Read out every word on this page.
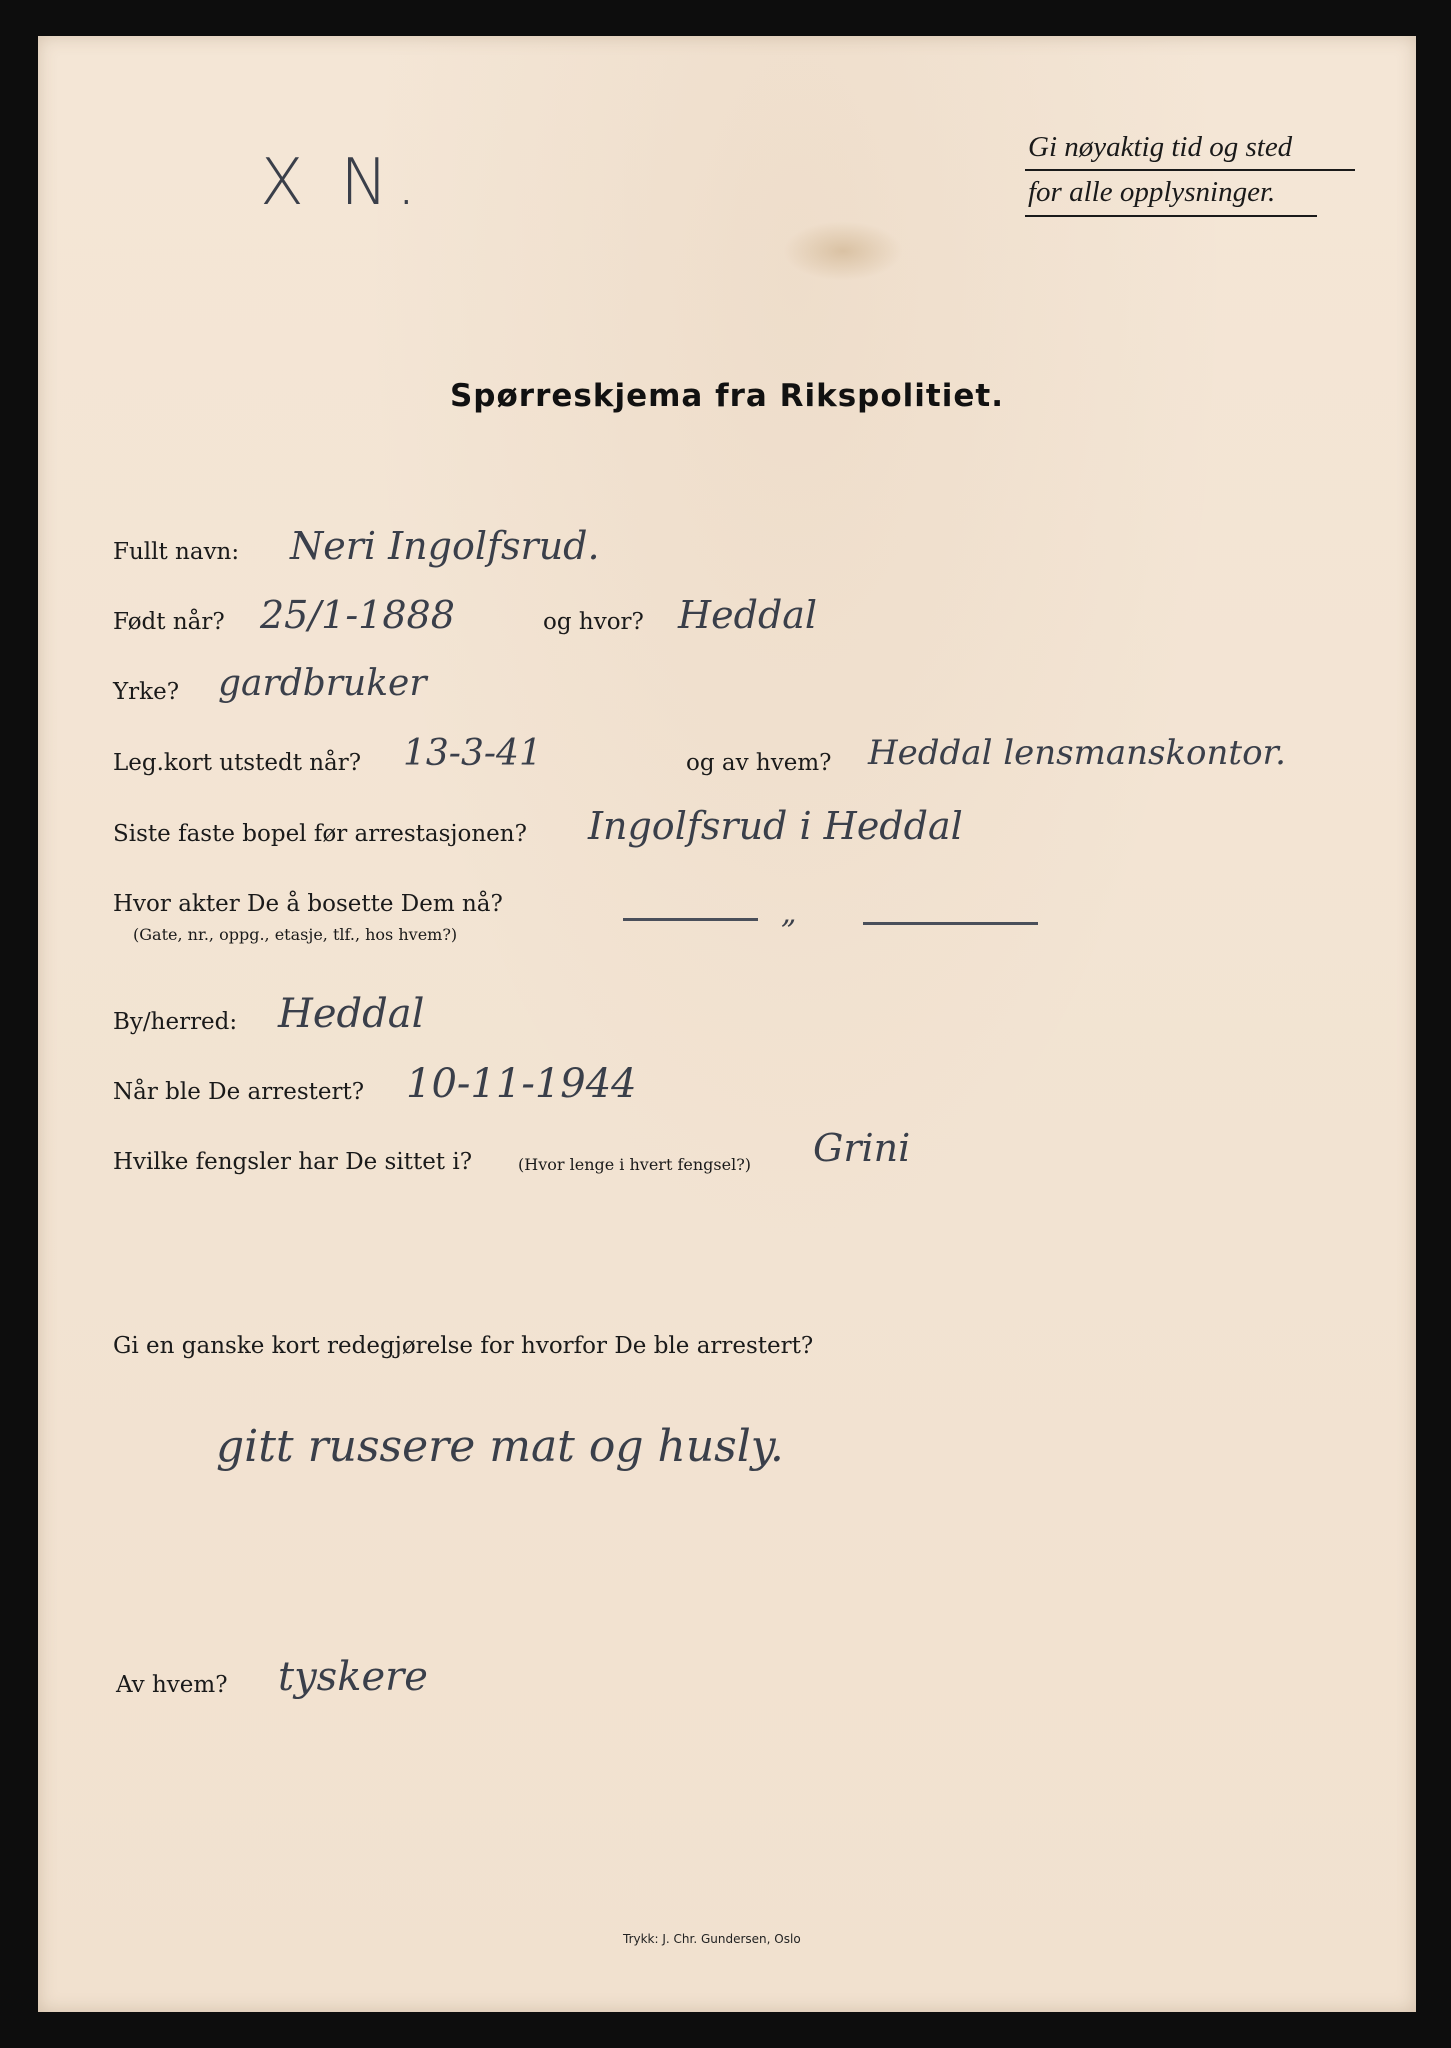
Gi nøyaktig tid og sted
for alle opplysninger.
X N.
Spørreskjema fra Rikspolitiet.
Fullt navn: Neri Ingolfsrud.
Født når? 25/1-1888	og hvor? Heddal
Yrke? gardbruker
Leg.kort utstedt når? 13-3-41	og av hvem? Heddal lensmanskontor.
Siste faste bopel før arrestasjonen? Ingolfsrud i Heddal
Hvor akter De å bosette Dem nå?
(Gate, nr., oppg., etasje, tlf., hos hvem?)
„
By/herred: Heddal
Når ble De arrestert? 10-11-1944
Hvilke fengsler har De sittet i?	(Hvor lenge i hvert fengsel?) Grini
Gi en ganske kort redegjørelse for hvorfor De ble arrestert?
gitt russere mat og husly.
Av hvem? tyskere
Trykk: J. Chr. Gundersen, Oslo
